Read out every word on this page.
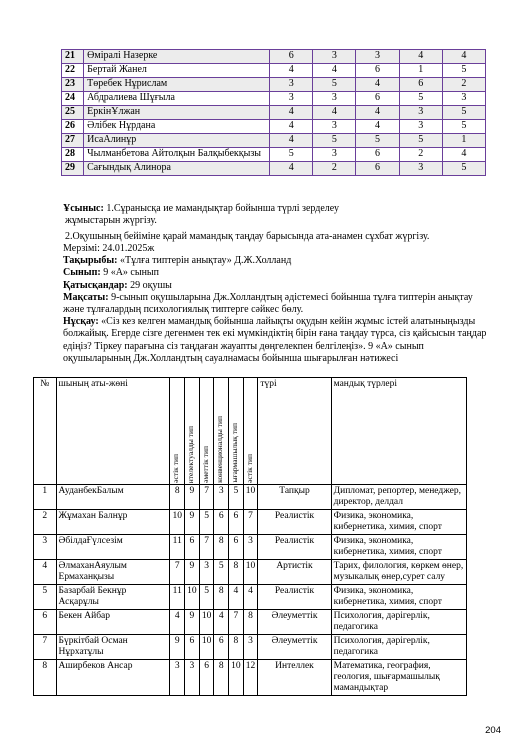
21	Өміралі Назерке	6	3	3	4	4
22	Бертай Жанел	4	4	6	1	5
23	Төребек Нұрислам	3	5	4	6	2
24	Абдралиева Шұғыла	3	3	6	5	3
25	ЕркінҰлжан	4	4	4	3	5
26	Әлібек Нұрдана	4	3	4	3	5
27	ИсаАлинұр	4	5	5	5	1
28	Чылманбетова Айтолқын Балқыбекқызы	5	3	6	2	4
29	Сағындық Алинора	4	2	6	3	5
Ұсыныс: 1.Сұранысқа ие мамандықтар бойынша түрлі зерделеу
жұмыстарын жүргізу.
2.Оқушының бейіміне қарай мамандық таңдау барысында ата-анамен сұхбат жүргізу.
Мерзімі: 24.01.2025ж
Тақырыбы: «Тұлға типтерін анықтау» Д.Ж.Холланд
Сынып: 9 «А» сынып
Қатысқандар: 29 оқушы
Мақсаты: 9-сынып оқушыларына Дж.Холландтың әдістемесі бойынша тұлға типтерін анықтау және тұлғалардың психологиялық типтерге сәйкес бөлу.
Нұсқау: «Сіз кез келген мамандық бойынша лайықты оқудын кейін жұмыс істей алатыныңызды болжайық. Егерде сізге дегенмен тек екі мүмкіндіктің бірін ғана таңдау түрса, сіз қайсысын таңдар едіңіз? Тіркеу парағына сіз таңдаған жауапты дөңгелекпен белгілеңіз». 9 «А» сынып оқушыларының Дж.Холландтың сауалнамасы бойынша шығарылған нәтижесі
№	шының аты-жөні	әстік тип	нтелектуалды тип	әметтік тип	конвенционалды тип	ығармашылық тип	әстік тип	түрі	мандық түрлері
1	АуданбекБалым	8	9	7	3	5	10	Тапқыр	Дипломат, репортер, менеджер, директор, делдал
2	Жұмахан Балнұр	10	9	5	6	6	7	Реалистік	Физика, экономика, кибернетика, химия, спорт
3	ӘбілдаҒүлсезім	11	6	7	8	6	3	Реалистік	Физика, экономика, кибернетика, химия, спорт
4	ӘлмаханАяулым Ермаханқызы	7	9	3	5	8	10	Артистік	Тарих, филология, көркем өнер, музыкалық өнер,сурет салу
5	Базарбай Бекнұр Асқарұлы	11	10	5	8	4	4	Реалистік	Физика, экономика, кибернетика, химия, спорт
6	Бекен Айбар	4	9	10	4	7	8	Әлеуметтік	Психология, дәрігерлік, педагогика
7	Бүркітбай Осман Нұрхатұлы	9	6	10	6	8	3	Әлеуметтік	Психология, дәрігерлік, педагогика
8	Аширбеков Ансар	3	3	6	8	10	12	Интеллек	Математика, география, геология, шығармашылық мамандықтар
204
